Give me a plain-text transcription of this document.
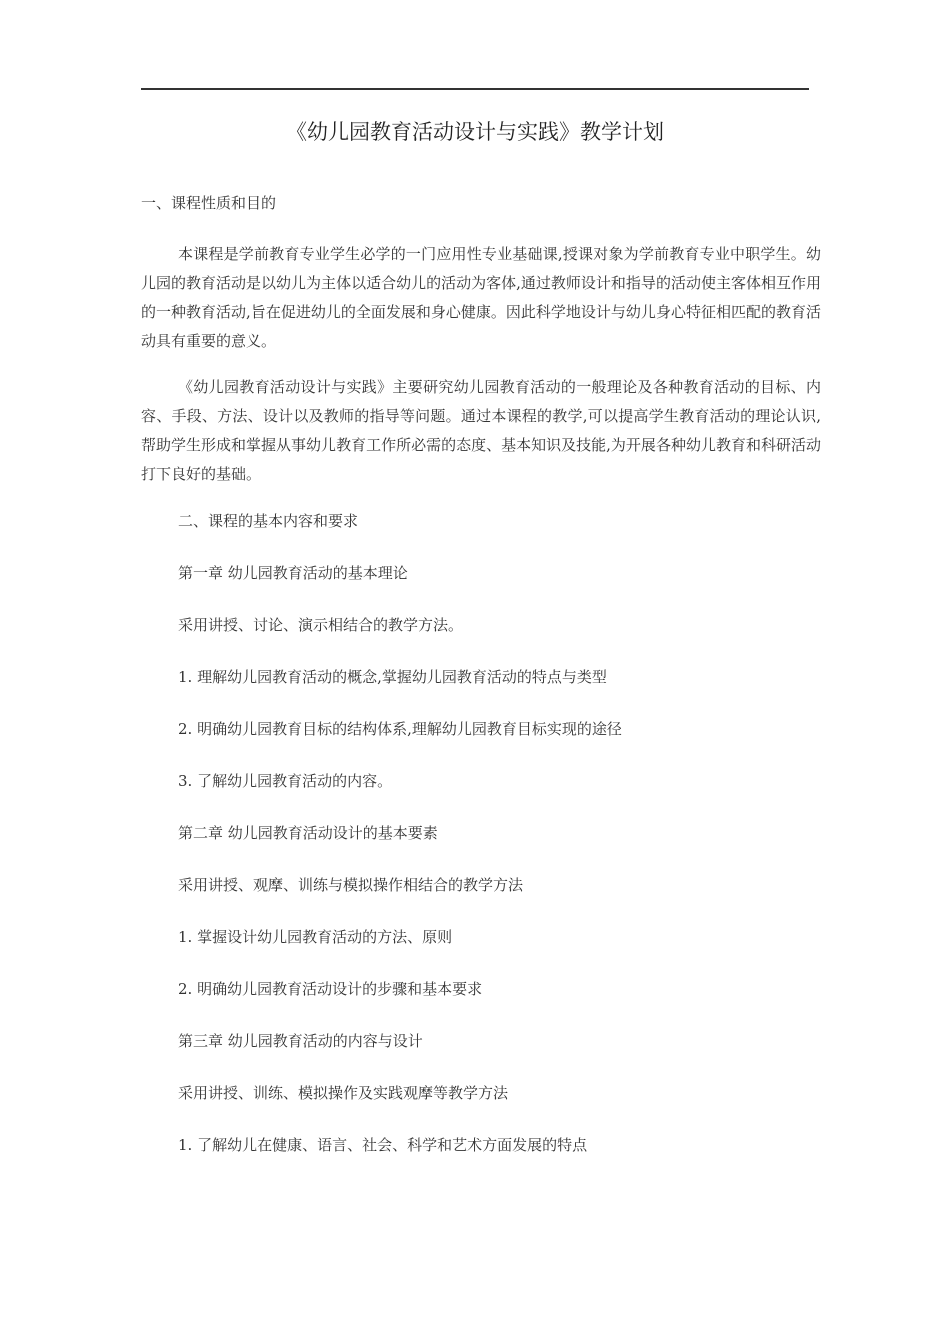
《幼儿园教育活动设计与实践》教学计划
一、课程性质和目的

本课程是学前教育专业学生必学的一门应用性专业基础课,授课对象为学前教育专业中职学生。幼儿园的教育活动是以幼儿为主体以适合幼儿的活动为客体,通过教师设计和指导的活动使主客体相互作用的一种教育活动,旨在促进幼儿的全面发展和身心健康。因此科学地设计与幼儿身心特征相匹配的教育活动具有重要的意义。

《幼儿园教育活动设计与实践》主要研究幼儿园教育活动的一般理论及各种教育活动的目标、内容、手段、方法、设计以及教师的指导等问题。通过本课程的教学,可以提高学生教育活动的理论认识,帮助学生形成和掌握从事幼儿教育工作所必需的态度、基本知识及技能,为开展各种幼儿教育和科研活动打下良好的基础。

二、课程的基本内容和要求
第一章 幼儿园教育活动的基本理论
采用讲授、讨论、演示相结合的教学方法。
1. 理解幼儿园教育活动的概念,掌握幼儿园教育活动的特点与类型
2. 明确幼儿园教育目标的结构体系,理解幼儿园教育目标实现的途径
3. 了解幼儿园教育活动的内容。
第二章 幼儿园教育活动设计的基本要素
采用讲授、观摩、训练与模拟操作相结合的教学方法
1. 掌握设计幼儿园教育活动的方法、原则
2. 明确幼儿园教育活动设计的步骤和基本要求
第三章 幼儿园教育活动的内容与设计
采用讲授、训练、模拟操作及实践观摩等教学方法
1. 了解幼儿在健康、语言、社会、科学和艺术方面发展的特点
